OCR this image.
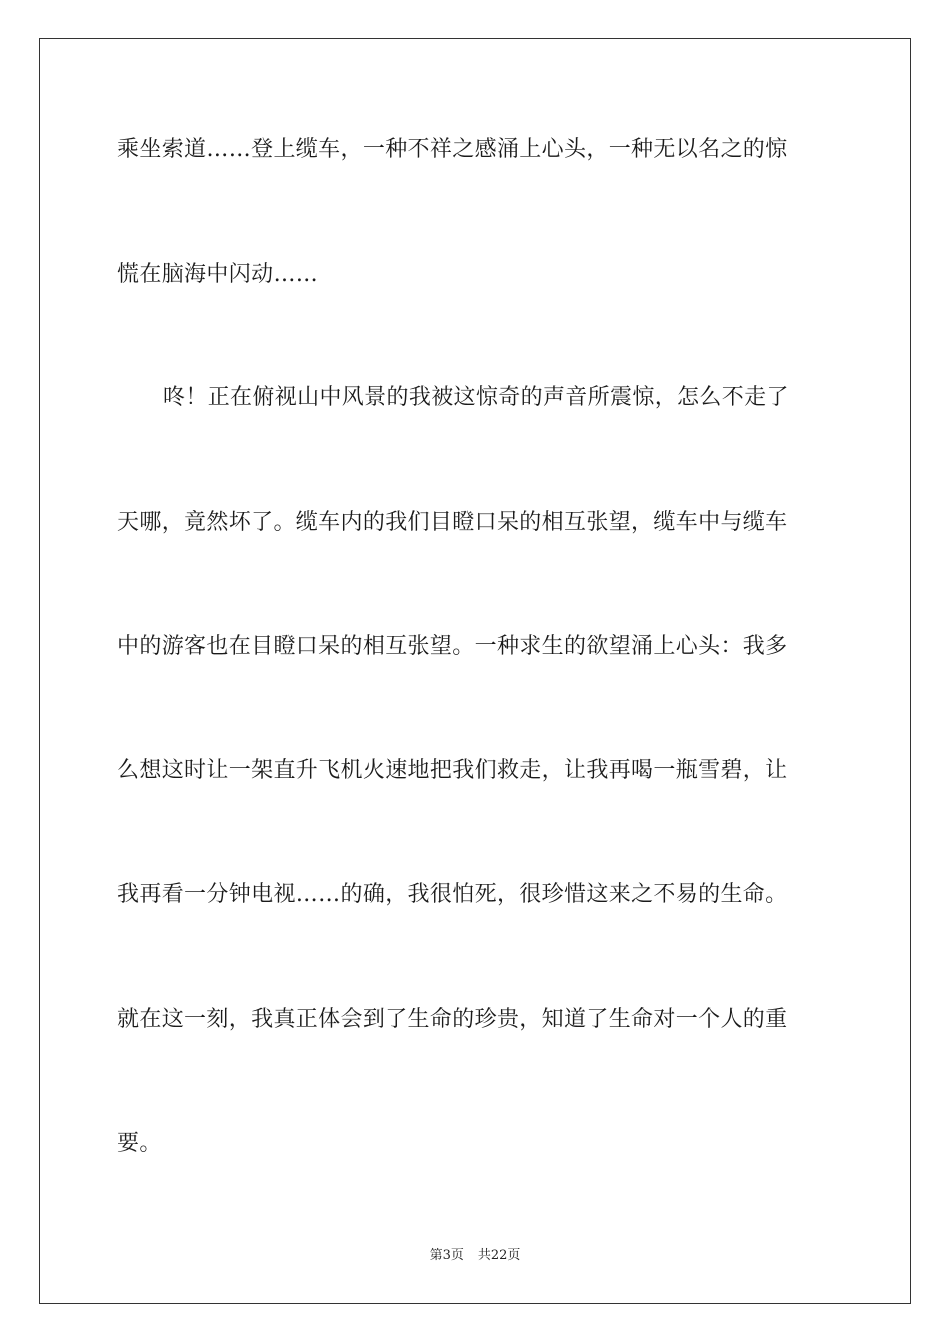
乘坐索道……登上缆车，一种不祥之感涌上心头，一种无以名之的惊
慌在脑海中闪动……
咚！正在俯视山中风景的我被这惊奇的声音所震惊，怎么不走了
天哪，竟然坏了。缆车内的我们目瞪口呆的相互张望，缆车中与缆车
中的游客也在目瞪口呆的相互张望。一种求生的欲望涌上心头：我多
么想这时让一架直升飞机火速地把我们救走，让我再喝一瓶雪碧，让
我再看一分钟电视……的确，我很怕死，很珍惜这来之不易的生命。
就在这一刻，我真正体会到了生命的珍贵，知道了生命对一个人的重
要。
第3页 共22页
